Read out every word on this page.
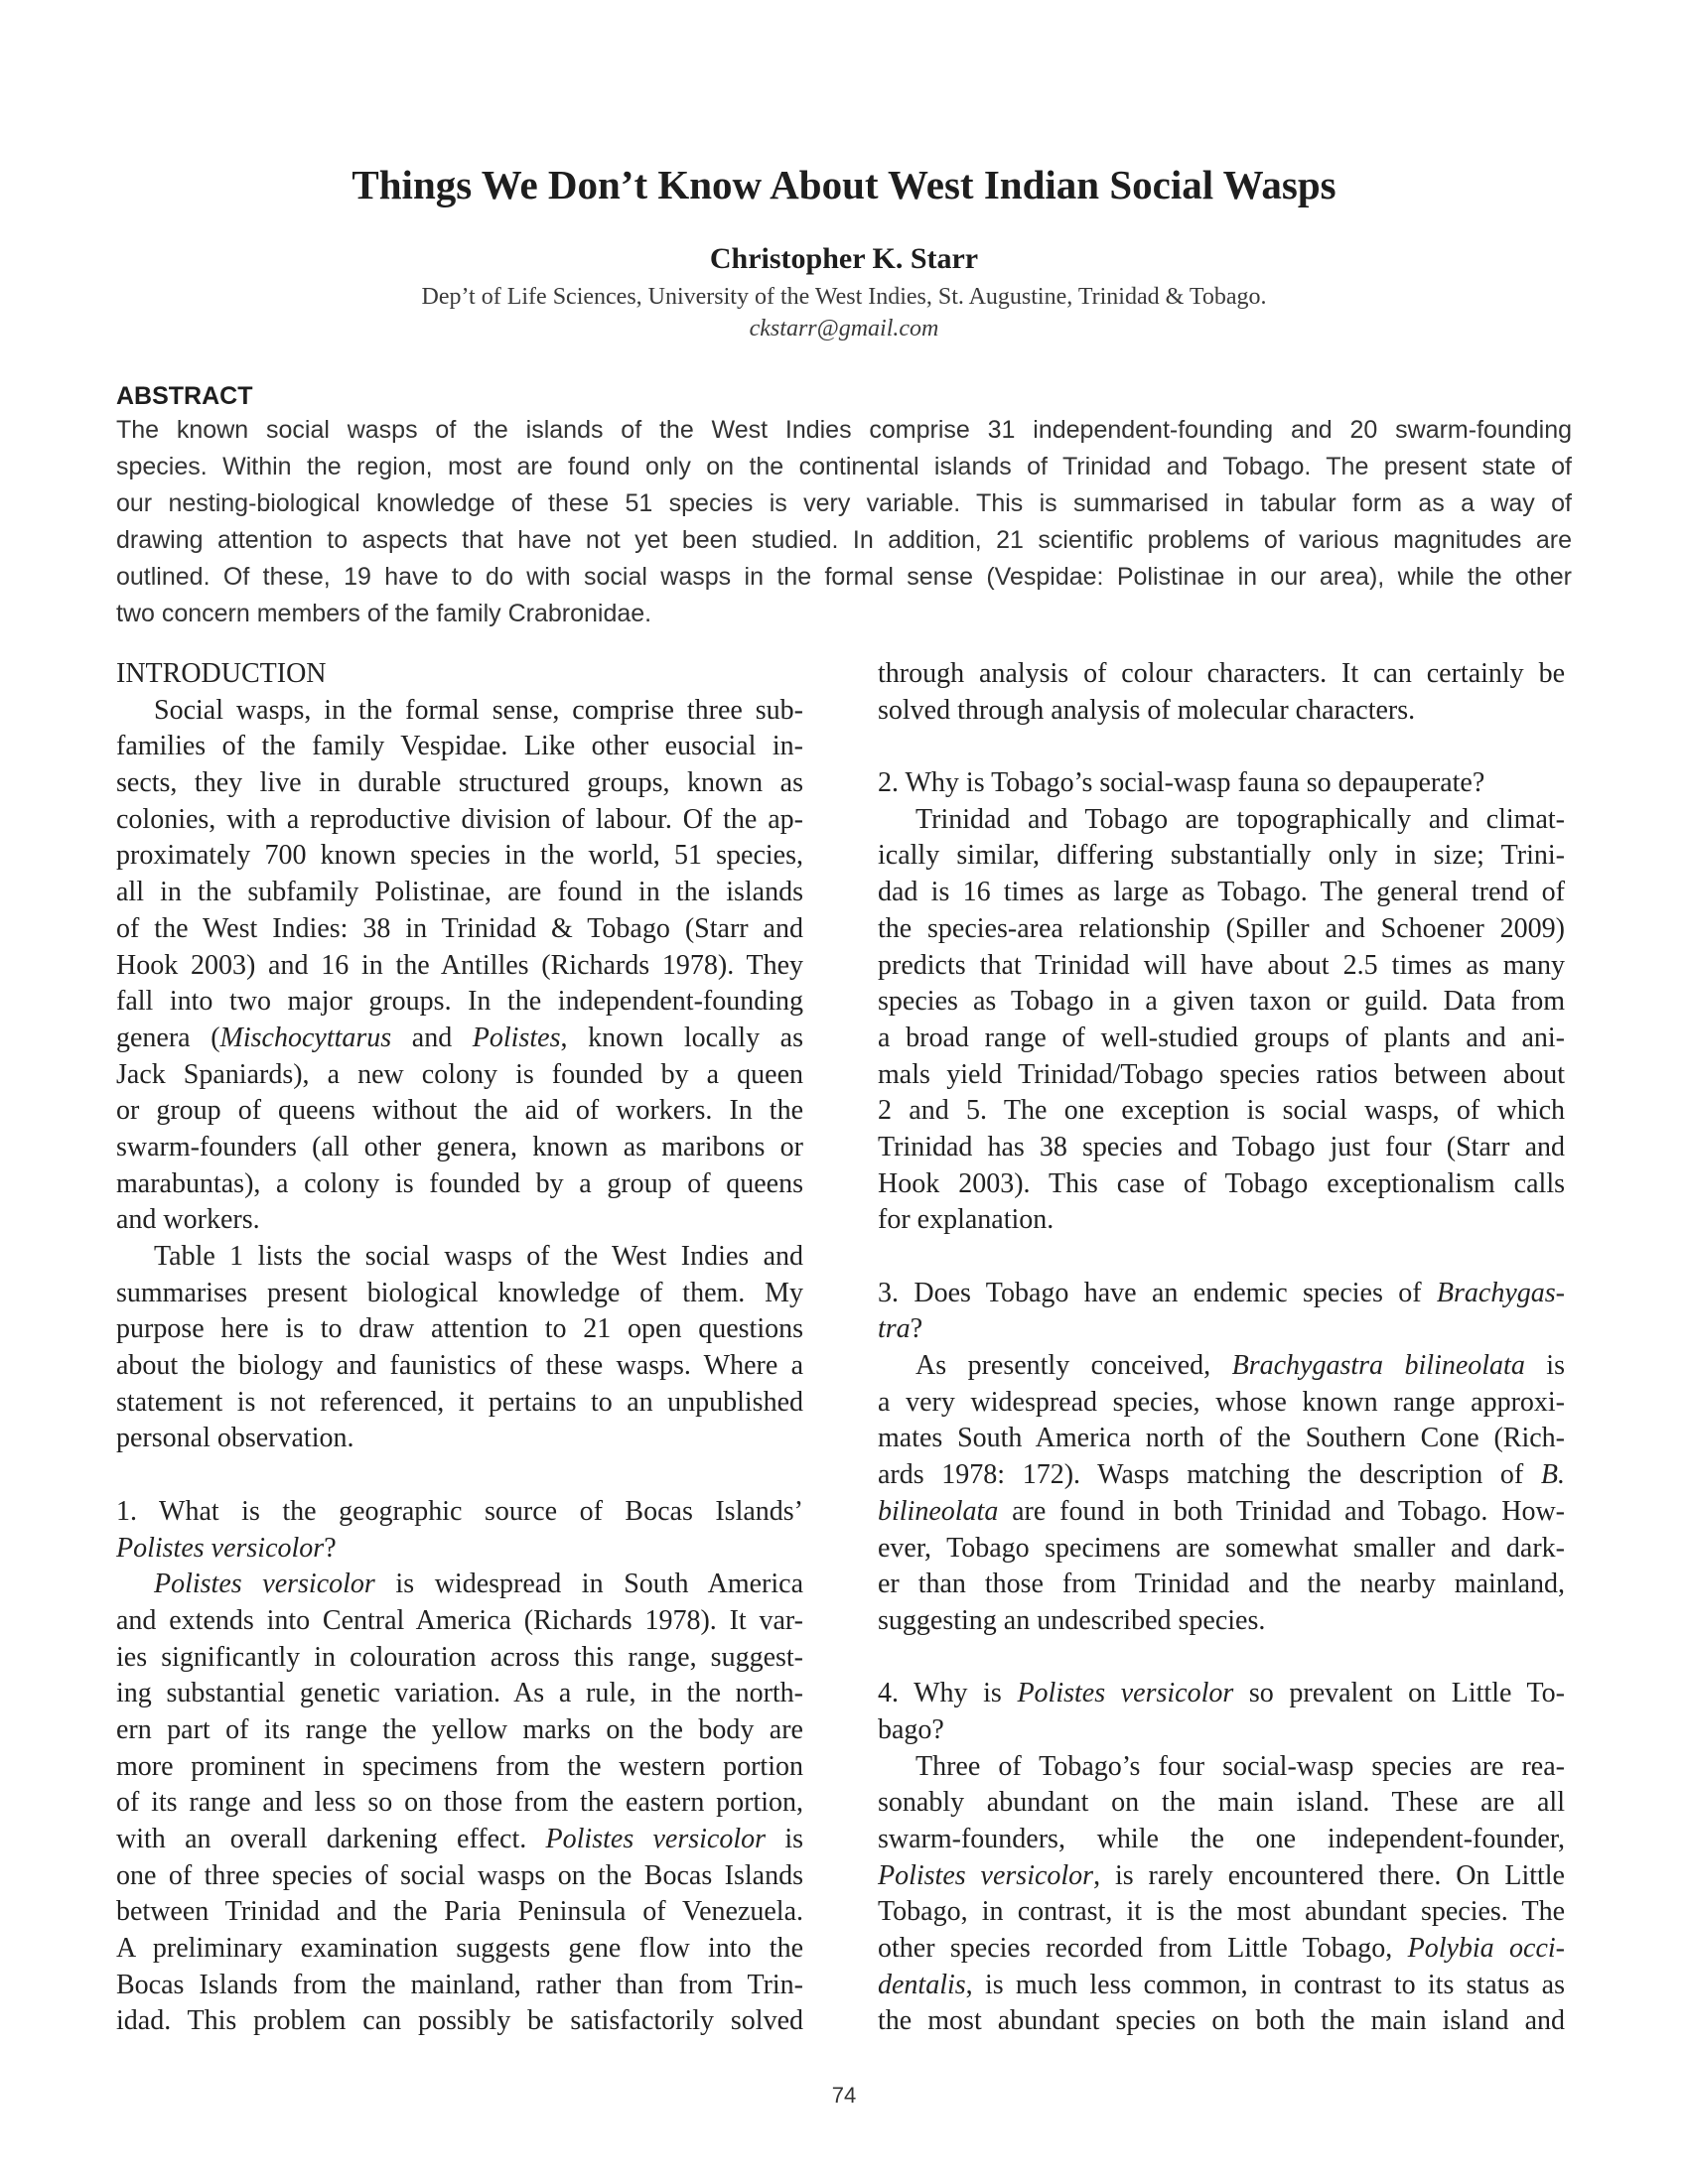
Things We Don’t Know About West Indian Social Wasps
Christopher K. Starr
Dep’t of Life Sciences, University of the West Indies, St. Augustine, Trinidad & Tobago.
ckstarr@gmail.com
ABSTRACT
The known social wasps of the islands of the West Indies comprise 31 independent-founding and 20 swarm-founding
species. Within the region, most are found only on the continental islands of Trinidad and Tobago. The present state of
our nesting-biological knowledge of these 51 species is very variable. This is summarised in tabular form as a way of
drawing attention to aspects that have not yet been studied. In addition, 21 scientific problems of various magnitudes are
outlined. Of these, 19 have to do with social wasps in the formal sense (Vespidae: Polistinae in our area), while the other
two concern members of the family Crabronidae.
INTRODUCTION
Social wasps, in the formal sense, comprise three sub-
families of the family Vespidae. Like other eusocial in-
sects, they live in durable structured groups, known as
colonies, with a reproductive division of labour. Of the ap-
proximately 700 known species in the world, 51 species,
all in the subfamily Polistinae, are found in the islands
of the West Indies: 38 in Trinidad & Tobago (Starr and
Hook 2003) and 16 in the Antilles (Richards 1978). They
fall into two major groups. In the independent-founding
genera (Mischocyttarus and Polistes, known locally as
Jack Spaniards), a new colony is founded by a queen
or group of queens without the aid of workers. In the
swarm-founders (all other genera, known as maribons or
marabuntas), a colony is founded by a group of queens
and workers.
Table 1 lists the social wasps of the West Indies and
summarises present biological knowledge of them. My
purpose here is to draw attention to 21 open questions
about the biology and faunistics of these wasps. Where a
statement is not referenced, it pertains to an unpublished
personal observation.
1. What is the geographic source of Bocas Islands’
Polistes versicolor?
Polistes versicolor is widespread in South America
and extends into Central America (Richards 1978). It var-
ies significantly in colouration across this range, suggest-
ing substantial genetic variation. As a rule, in the north-
ern part of its range the yellow marks on the body are
more prominent in specimens from the western portion
of its range and less so on those from the eastern portion,
with an overall darkening effect. Polistes versicolor is
one of three species of social wasps on the Bocas Islands
between Trinidad and the Paria Peninsula of Venezuela.
A preliminary examination suggests gene flow into the
Bocas Islands from the mainland, rather than from Trin-
idad. This problem can possibly be satisfactorily solved
through analysis of colour characters. It can certainly be
solved through analysis of molecular characters.
2. Why is Tobago’s social-wasp fauna so depauperate?
Trinidad and Tobago are topographically and climat-
ically similar, differing substantially only in size; Trini-
dad is 16 times as large as Tobago. The general trend of
the species-area relationship (Spiller and Schoener 2009)
predicts that Trinidad will have about 2.5 times as many
species as Tobago in a given taxon or guild. Data from
a broad range of well-studied groups of plants and ani-
mals yield Trinidad/Tobago species ratios between about
2 and 5. The one exception is social wasps, of which
Trinidad has 38 species and Tobago just four (Starr and
Hook 2003). This case of Tobago exceptionalism calls
for explanation.
3. Does Tobago have an endemic species of Brachygas-
tra?
As presently conceived, Brachygastra bilineolata is
a very widespread species, whose known range approxi-
mates South America north of the Southern Cone (Rich-
ards 1978: 172). Wasps matching the description of B.
bilineolata are found in both Trinidad and Tobago. How-
ever, Tobago specimens are somewhat smaller and dark-
er than those from Trinidad and the nearby mainland,
suggesting an undescribed species.
4. Why is Polistes versicolor so prevalent on Little To-
bago?
Three of Tobago’s four social-wasp species are rea-
sonably abundant on the main island. These are all
swarm-founders, while the one independent-founder,
Polistes versicolor, is rarely encountered there. On Little
Tobago, in contrast, it is the most abundant species. The
other species recorded from Little Tobago, Polybia occi-
dentalis, is much less common, in contrast to its status as
the most abundant species on both the main island and
74
